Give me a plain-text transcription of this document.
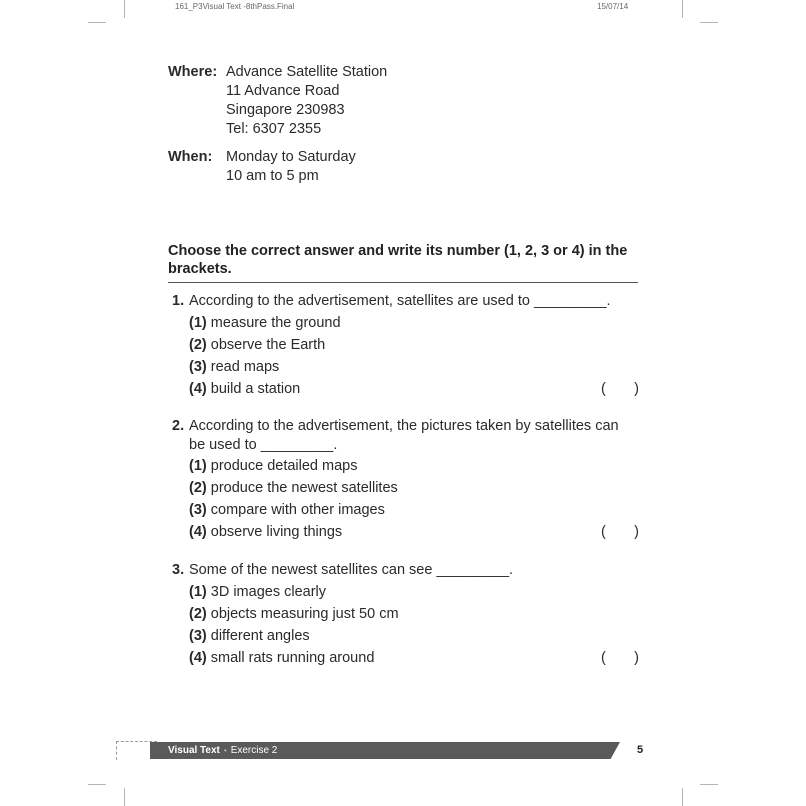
161_P3Visual Text -8thPass.Final	15/07/14
Where: Advance Satellite Station
11 Advance Road
Singapore 230983
Tel: 6307 2355
When: Monday to Saturday
10 am to 5 pm
Choose the correct answer and write its number (1, 2, 3 or 4) in the brackets.
1. According to the advertisement, satellites are used to _________.
(1) measure the ground
(2) observe the Earth
(3) read maps
(4) build a station	( )
2. According to the advertisement, the pictures taken by satellites can be used to _________.
(1) produce detailed maps
(2) produce the newest satellites
(3) compare with other images
(4) observe living things	( )
3. Some of the newest satellites can see _________.
(1) 3D images clearly
(2) objects measuring just 50 cm
(3) different angles
(4) small rats running around	( )
Visual Text • Exercise 2	5
